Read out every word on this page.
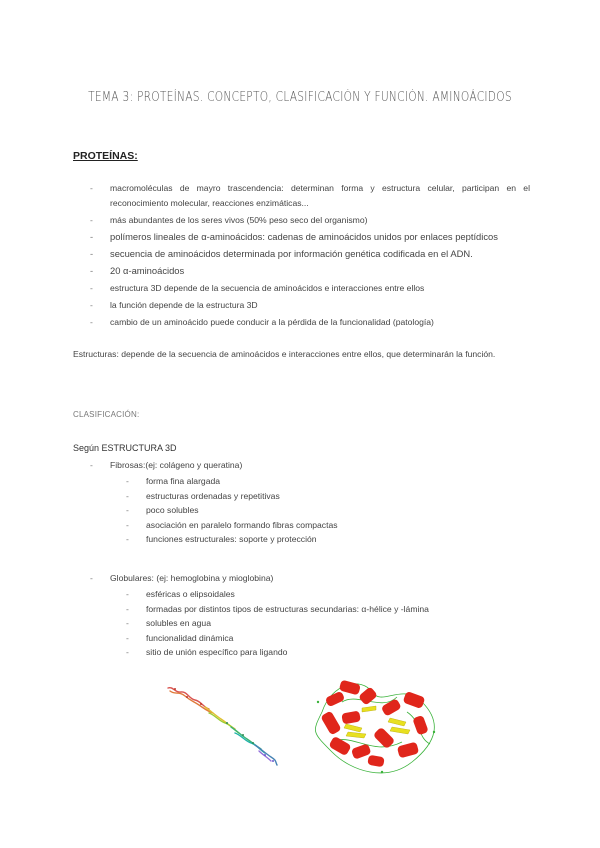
TEMA 3: PROTEÍNAS. CONCEPTO, CLASIFICACIÓN Y FUNCIÓN. AMINOÁCIDOS
PROTEÍNAS:
- macromoléculas de mayro trascendencia: determinan forma y estructura celular, participan en el reconocimiento molecular, reacciones enzimáticas...
- más abundantes de los seres vivos (50% peso seco del organismo)
- polímeros lineales de α-aminoácidos: cadenas de aminoácidos unidos por enlaces peptídicos
- secuencia de aminoácidos determinada por información genética codificada en el ADN.
- 20 α-aminoácidos
- estructura 3D depende de la secuencia de aminoácidos e interacciones entre ellos
- la función depende de la estructura 3D
- cambio de un aminoácido puede conducir a la pérdida de la funcionalidad (patología)
Estructuras: depende de la secuencia de aminoácidos e interacciones entre ellos, que determinarán la función.
CLASIFICACIÓN:
Según ESTRUCTURA 3D
- Fibrosas:(ej: colágeno y queratina)
- forma fina alargada
- estructuras ordenadas y repetitivas
- poco solubles
- asociación en paralelo formando fibras compactas
- funciones estructurales: soporte y protección
- Globulares: (ej: hemoglobina y mioglobina)
- esféricas o elipsoidales
- formadas por distintos tipos de estructuras secundarias: α-hélice y -lámina
- solubles en agua
- funcionalidad dinámica
- sitio de unión específico para ligando
